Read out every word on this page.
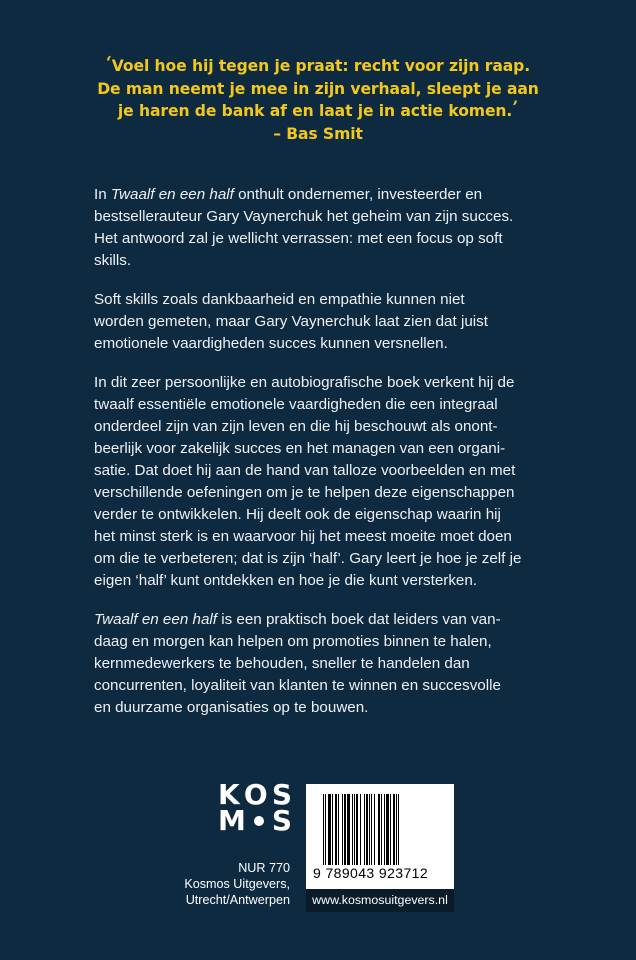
‘Voel hoe hij tegen je praat: recht voor zijn raap.
De man neemt je mee in zijn verhaal, sleept je aan
je haren de bank af en laat je in actie komen.’
– Bas Smit

In Twaalf en een half onthult ondernemer, investeerder en
bestsellerauteur Gary Vaynerchuk het geheim van zijn succes.
Het antwoord zal je wellicht verrassen: met een focus op soft
skills.

Soft skills zoals dankbaarheid en empathie kunnen niet
worden gemeten, maar Gary Vaynerchuk laat zien dat juist
emotionele vaardigheden succes kunnen versnellen.

In dit zeer persoonlijke en autobiografische boek verkent hij de
twaalf essentiële emotionele vaardigheden die een integraal
onderdeel zijn van zijn leven en die hij beschouwt als onont-
beerlijk voor zakelijk succes en het managen van een organi-
satie. Dat doet hij aan de hand van talloze voorbeelden en met
verschillende oefeningen om je te helpen deze eigenschappen
verder te ontwikkelen. Hij deelt ook de eigenschap waarin hij
het minst sterk is en waarvoor hij het meest moeite moet doen
om die te verbeteren; dat is zijn ‘half’. Gary leert je hoe je zelf je
eigen ‘half’ kunt ontdekken en hoe je die kunt versterken.

Twaalf en een half is een praktisch boek dat leiders van van-
daag en morgen kan helpen om promoties binnen te halen,
kernmedewerkers te behouden, sneller te handelen dan
concurrenten, loyaliteit van klanten te winnen en succesvolle
en duurzame organisaties op te bouwen.

K O S
M S
NUR 770
Kosmos Uitgevers,
Utrecht/Antwerpen
9 789043 923712
www.kosmosuitgevers.nl
